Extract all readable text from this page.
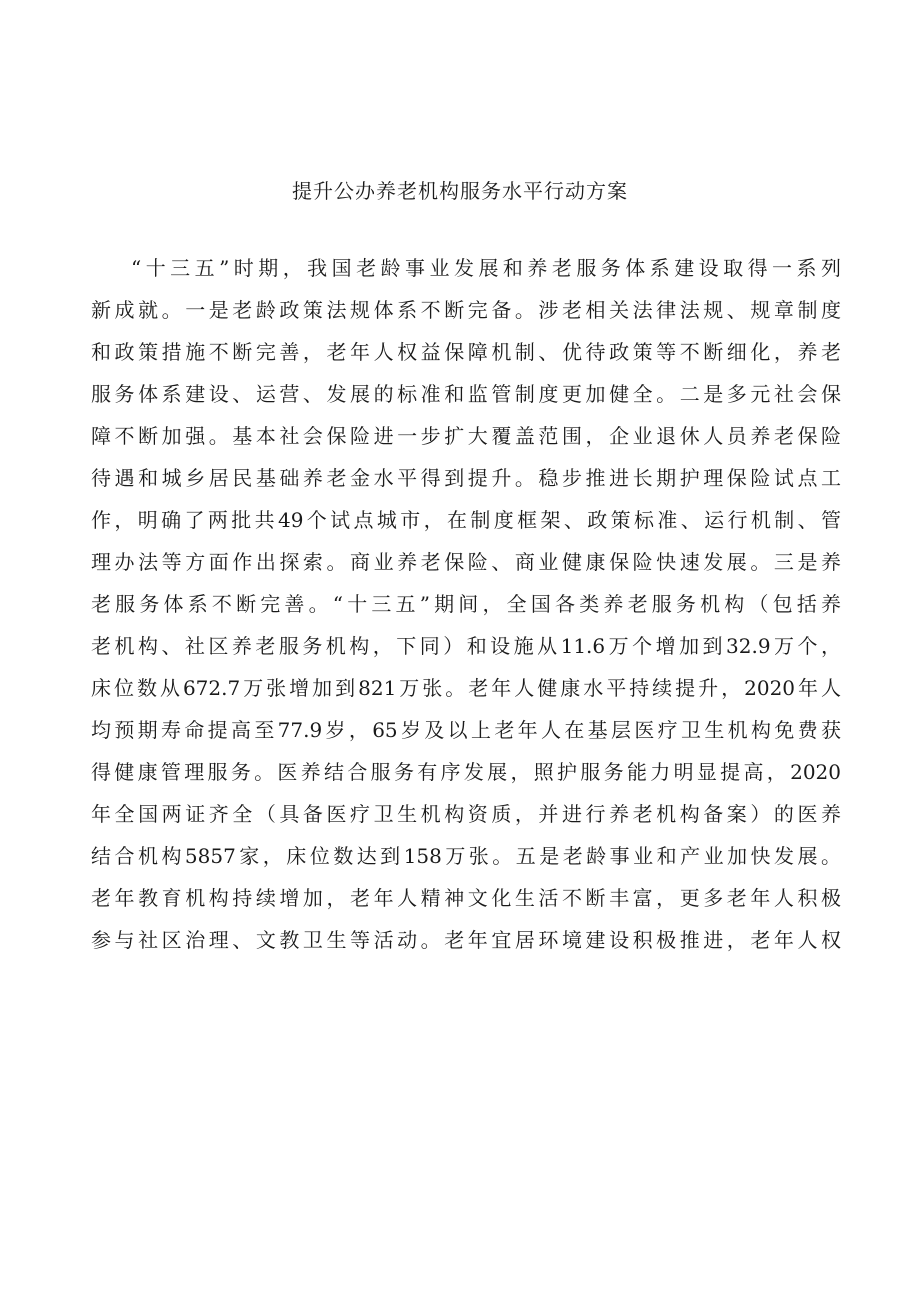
提升公办养老机构服务水平行动方案
“十三五”时期，我国老龄事业发展和养老服务体系建设取得一系列
新成就。一是老龄政策法规体系不断完备。涉老相关法律法规、规章制度
和政策措施不断完善，老年人权益保障机制、优待政策等不断细化，养老
服务体系建设、运营、发展的标准和监管制度更加健全。二是多元社会保
障不断加强。基本社会保险进一步扩大覆盖范围，企业退休人员养老保险
待遇和城乡居民基础养老金水平得到提升。稳步推进长期护理保险试点工
作，明确了两批共49个试点城市，在制度框架、政策标准、运行机制、管
理办法等方面作出探索。商业养老保险、商业健康保险快速发展。三是养
老服务体系不断完善。“十三五”期间，全国各类养老服务机构（包括养
老机构、社区养老服务机构，下同）和设施从11.6万个增加到32.9万个，
床位数从672.7万张增加到821万张。老年人健康水平持续提升，2020年人
均预期寿命提高至77.9岁，65岁及以上老年人在基层医疗卫生机构免费获
得健康管理服务。医养结合服务有序发展，照护服务能力明显提高，2020
年全国两证齐全（具备医疗卫生机构资质，并进行养老机构备案）的医养
结合机构5857家，床位数达到158万张。五是老龄事业和产业加快发展。
老年教育机构持续增加，老年人精神文化生活不断丰富，更多老年人积极
参与社区治理、文教卫生等活动。老年宜居环境建设积极推进，老年人权
